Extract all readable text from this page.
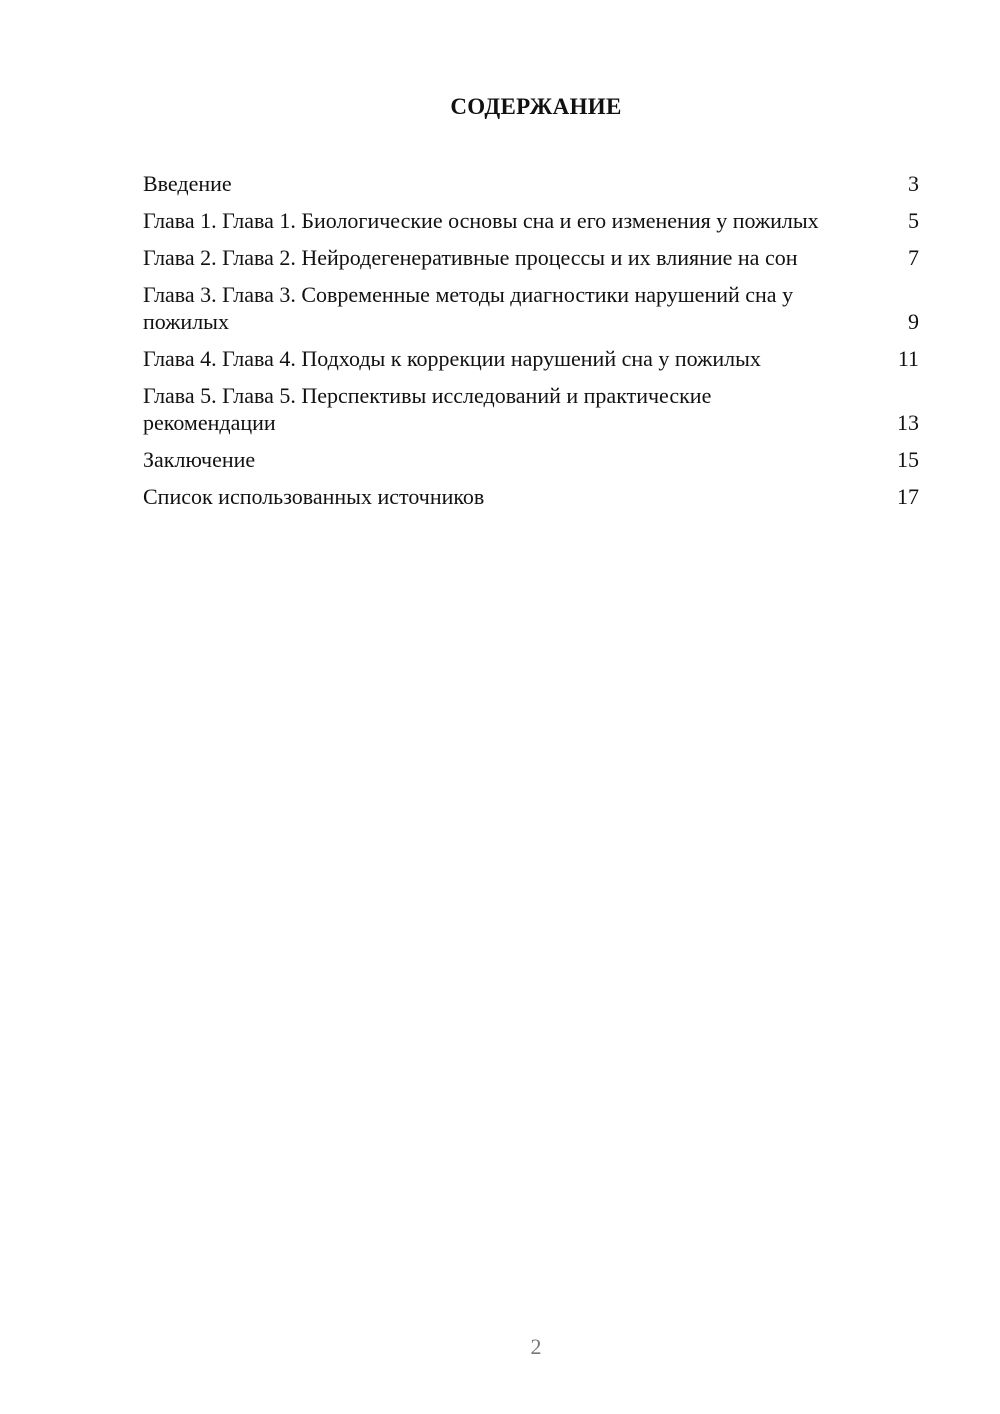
СОДЕРЖАНИЕ
Введение	3
Глава 1. Глава 1. Биологические основы сна и его изменения у пожилых	5
Глава 2. Глава 2. Нейродегенеративные процессы и их влияние на сон	7
Глава 3. Глава 3. Современные методы диагностики нарушений сна у пожилых	9
Глава 4. Глава 4. Подходы к коррекции нарушений сна у пожилых	11
Глава 5. Глава 5. Перспективы исследований и практические рекомендации	13
Заключение	15
Список использованных источников	17
2
